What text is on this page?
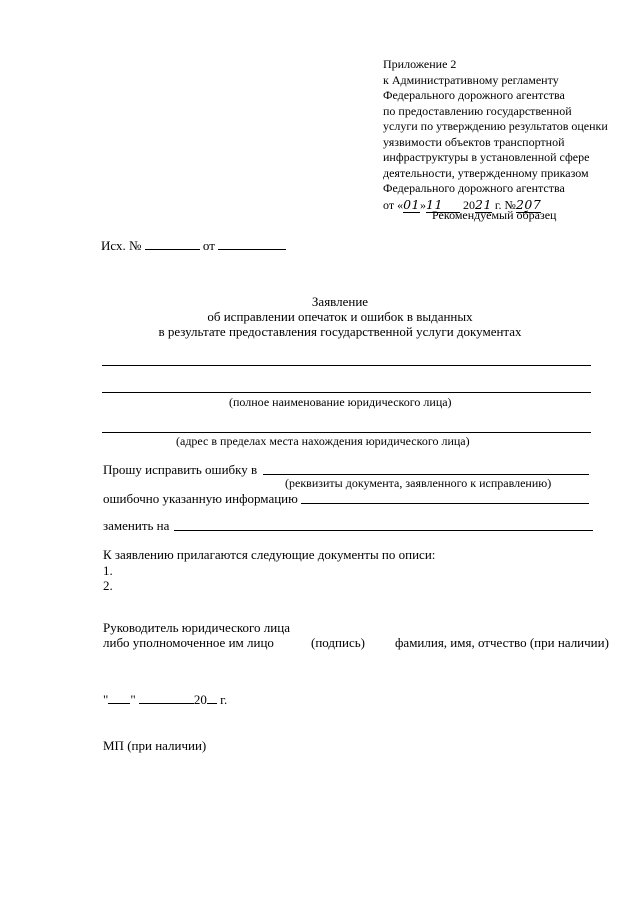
Приложение 2
к Административному регламенту
Федерального дорожного агентства
по предоставлению государственной
услуги по утверждению результатов оценки
уязвимости объектов транспортной
инфраструктуры в установленной сфере
деятельности, утвержденному приказом
Федерального дорожного агентства
от «01»11 2021 г. №207
Рекомендуемый образец
Исх. №	от
Заявление
об исправлении опечаток и ошибок в выданных
в результате предоставления государственной услуги документах
(полное наименование юридического лица)
(адрес в пределах места нахождения юридического лица)
Прошу исправить ошибку в
(реквизиты документа, заявленного к исправлению)
ошибочно указанную информацию
заменить на
К заявлению прилагаются следующие документы по описи:
1.
2.
Руководитель юридического лица
либо уполномоченное им лицо	(подпись) фамилия, имя, отчество (при наличии)
" "	20 г.
МП (при наличии)
